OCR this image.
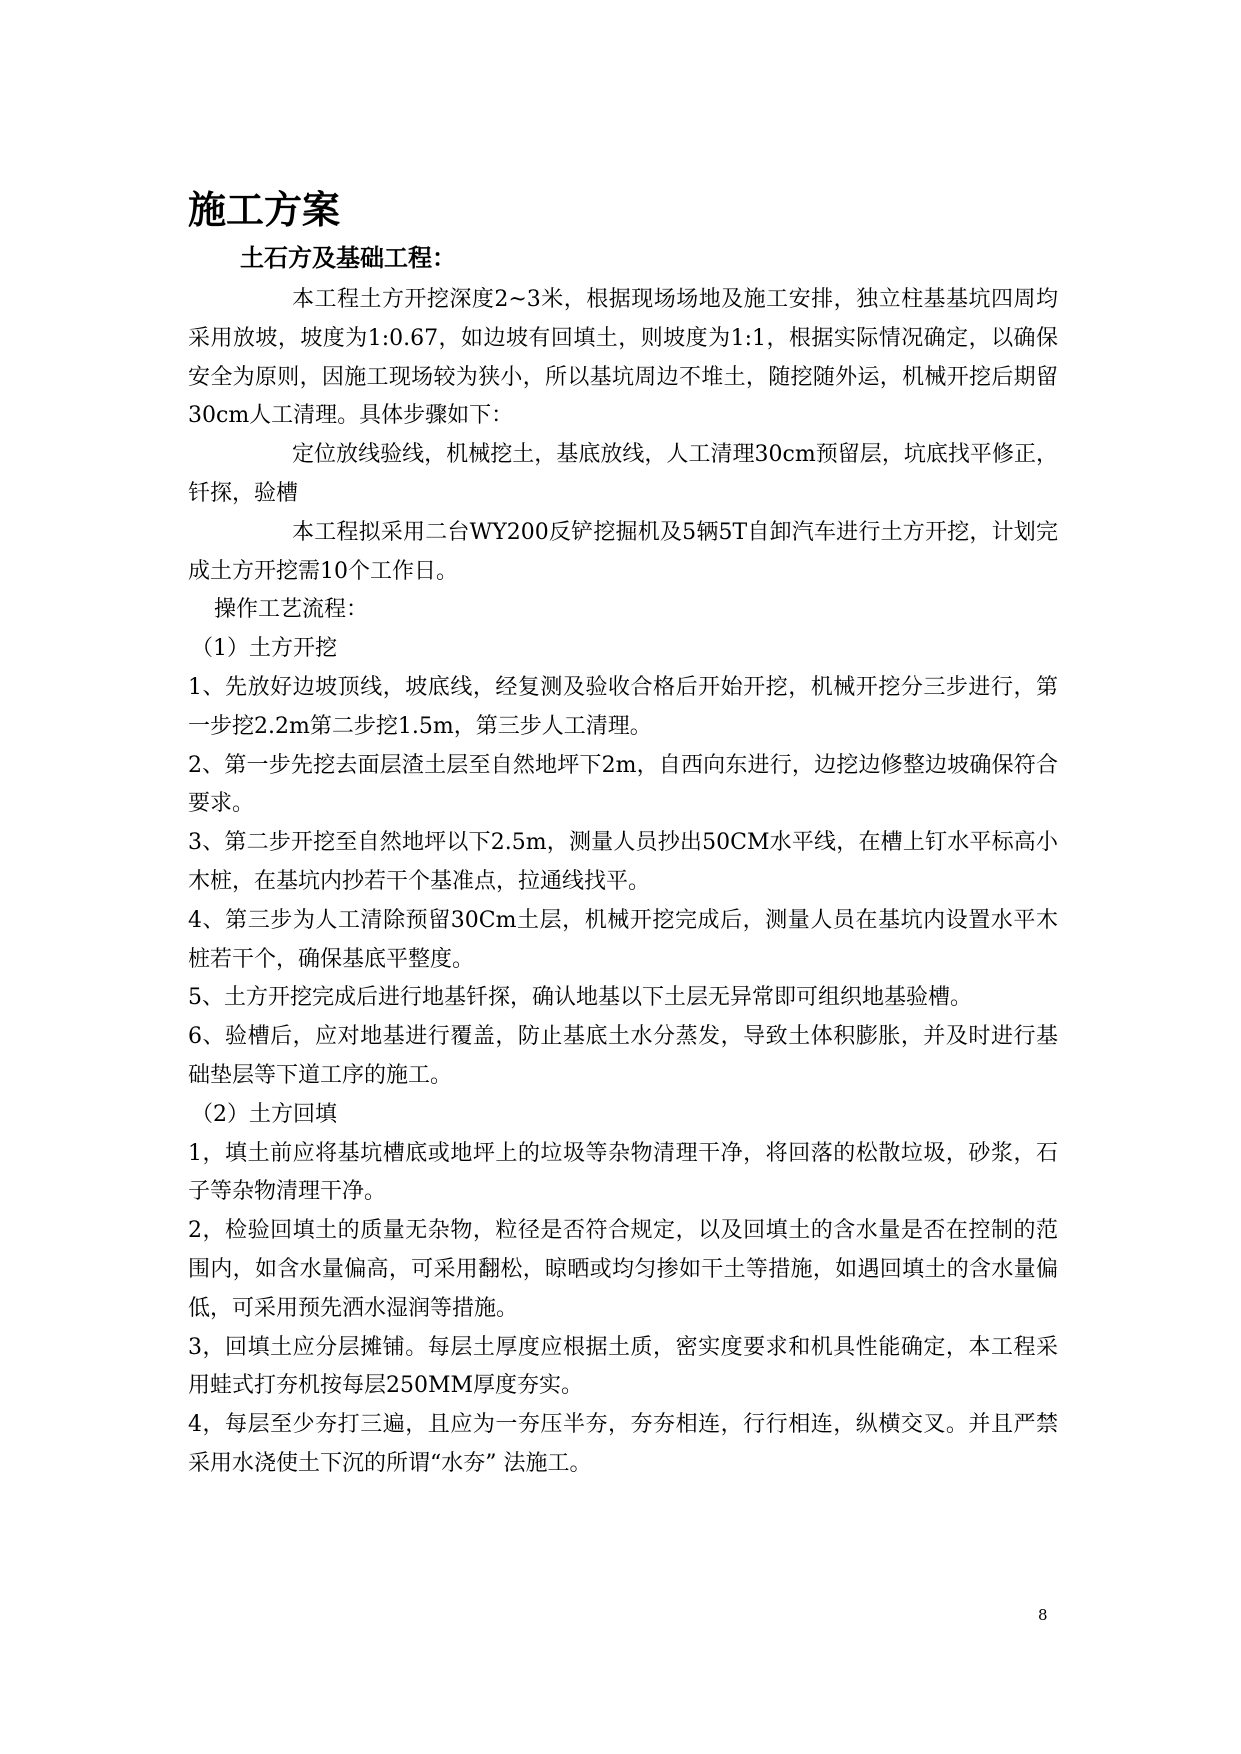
施工方案
土石方及基础工程：

本工程土方开挖深度2~3米，根据现场场地及施工安排，独立柱基基坑四周均采用放坡，坡度为1:0.67，如边坡有回填土，则坡度为1:1，根据实际情况确定，以确保安全为原则，因施工现场较为狭小，所以基坑周边不堆土，随挖随外运，机械开挖后期留30cm人工清理。具体步骤如下：

定位放线验线，机械挖土，基底放线，人工清理30cm预留层，坑底找平修正，钎探，验槽

本工程拟采用二台WY200反铲挖掘机及5辆5T自卸汽车进行土方开挖，计划完成土方开挖需10个工作日。

操作工艺流程：

（1）土方开挖

1、先放好边坡顶线，坡底线，经复测及验收合格后开始开挖，机械开挖分三步进行，第一步挖2.2m第二步挖1.5m，第三步人工清理。

2、第一步先挖去面层渣土层至自然地坪下2m，自西向东进行，边挖边修整边坡确保符合要求。

3、第二步开挖至自然地坪以下2.5m，测量人员抄出50CM水平线，在槽上钉水平标高小木桩，在基坑内抄若干个基准点，拉通线找平。

4、第三步为人工清除预留30Cm土层，机械开挖完成后，测量人员在基坑内设置水平木桩若干个，确保基底平整度。

5、土方开挖完成后进行地基钎探，确认地基以下土层无异常即可组织地基验槽。

6、验槽后，应对地基进行覆盖，防止基底土水分蒸发，导致土体积膨胀，并及时进行基础垫层等下道工序的施工。

（2）土方回填

1，填土前应将基坑槽底或地坪上的垃圾等杂物清理干净，将回落的松散垃圾，砂浆，石子等杂物清理干净。

2，检验回填土的质量无杂物，粒径是否符合规定，以及回填土的含水量是否在控制的范围内，如含水量偏高，可采用翻松，晾晒或均匀掺如干土等措施，如遇回填土的含水量偏低，可采用预先洒水湿润等措施。

3，回填土应分层摊铺。每层土厚度应根据土质，密实度要求和机具性能确定，本工程采用蛙式打夯机按每层250MM厚度夯实。

4，每层至少夯打三遍，且应为一夯压半夯，夯夯相连，行行相连，纵横交叉。并且严禁采用水浇使土下沉的所谓“水夯” 法施工。

8
